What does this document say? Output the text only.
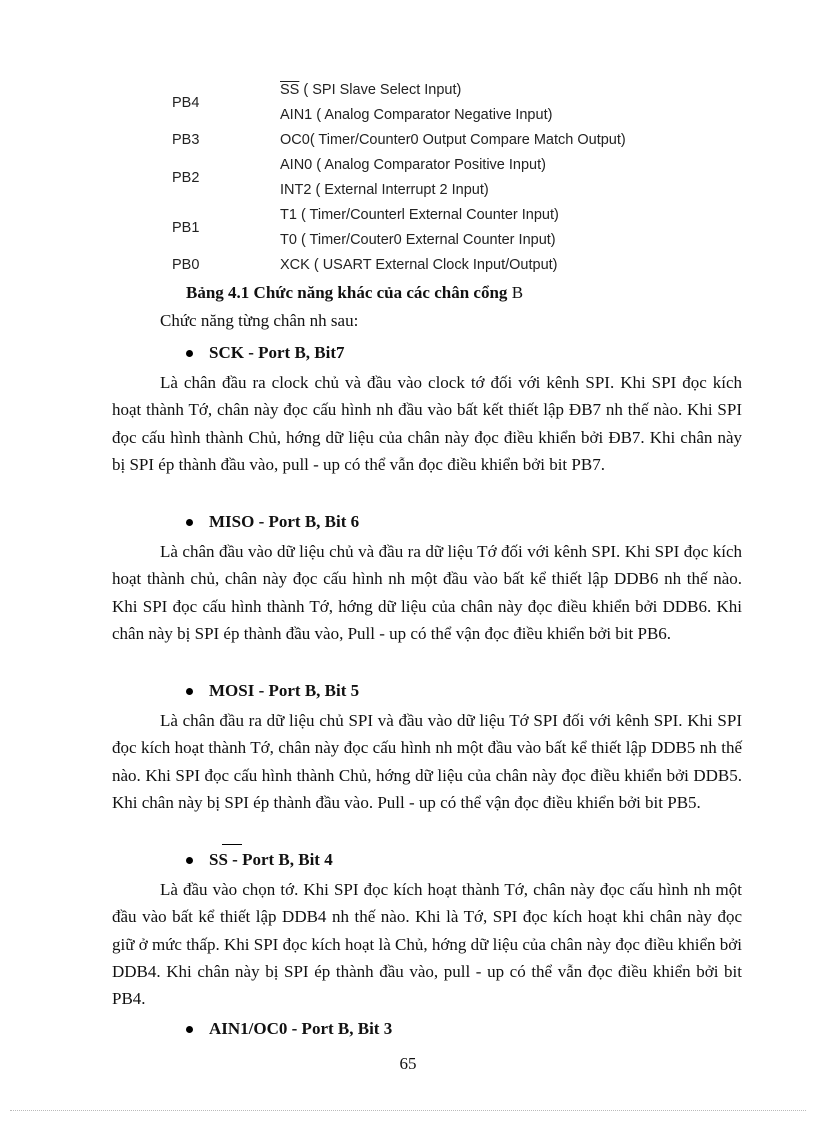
PB4	$\overline{SS}$ ( SPI Slave Select Input)
	AIN1 ( Analog Comparator Negative Input)
PB3	OC0( Timer/Counter0 Output Compare Match Output)
PB2	AIN0 ( Analog Comparator Positive Input)
	INT2 ( External Interrupt 2 Input)
PB1	T1 ( Timer/Counterl External Counter Input)
	T0 ( Timer/Couter0 External Counter Input)
PB0	XCK ( USART External Clock Input/Output)
Bảng 4.1 Chức năng khác của các chân cổng B
Chức năng từng chân nh sau:
SCK - Port B, Bit7
Là chân đầu ra clock chủ và đầu vào clock tớ đối với kênh SPI. Khi SPI đọc kích hoạt thành Tớ, chân này đọc cấu hình nh đầu vào bất kết thiết lập ĐB7 nh thế nào. Khi SPI đọc cấu hình thành Chủ, hớng dữ liệu của chân này đọc điều khiển bởi ĐB7. Khi chân này bị SPI ép thành đầu vào, pull - up có thể vẫn đọc điều khiển bởi bit PB7.
MISO - Port B, Bit 6
Là chân đầu vào dữ liệu chủ và đầu ra dữ liệu Tớ đối với kênh SPI. Khi SPI đọc kích hoạt thành chủ, chân này đọc cấu hình nh một đầu vào bất kể thiết lập DDB6 nh thế nào. Khi SPI đọc cấu hình thành Tớ, hớng dữ liệu của chân này đọc điều khiển bởi DDB6. Khi chân này bị SPI ép thành đầu vào, Pull - up có thể vận đọc điều khiển bởi bit PB6.
MOSI - Port B, Bit 5
Là chân đầu ra dữ liệu chủ SPI và đầu vào dữ liệu Tớ SPI đối với kênh SPI. Khi SPI đọc kích hoạt thành Tớ, chân này đọc cấu hình nh một đầu vào bất kể thiết lập DDB5 nh thế nào. Khi SPI đọc cấu hình thành Chủ, hớng dữ liệu của chân này đọc điều khiển bởi DDB5. Khi chân này bị SPI ép thành đầu vào. Pull - up có thể vận đọc điều khiển bởi bit PB5.
SS - Port B, Bit 4
Là đầu vào chọn tớ. Khi SPI đọc kích hoạt thành Tớ, chân này đọc cấu hình nh một đầu vào bất kể thiết lập DDB4 nh thế nào. Khi là Tớ, SPI đọc kích hoạt khi chân này đọc giữ ở mức thấp. Khi SPI đọc kích hoạt là Chủ, hớng dữ liệu của chân này đọc điều khiển bởi DDB4. Khi chân này bị SPI ép thành đầu vào, pull - up có thể vẫn đọc điều khiển bởi bit PB4.
AIN1/OC0 - Port B, Bit 3
65
